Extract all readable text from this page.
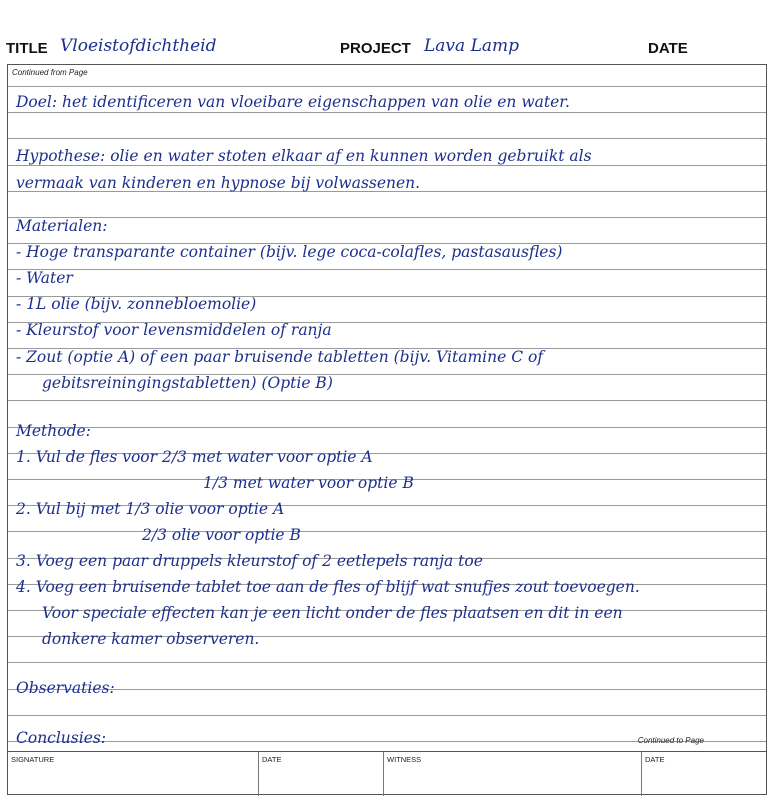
TITLE Vloeistofdichtheid	PROJECT Lava Lamp	DATE
Continued from Page
Doel: het identificeren van vloeibare eigenschappen van olie en water.
Hypothese: olie en water stoten elkaar af en kunnen worden gebruikt als
vermaak van kinderen en hypnose bij volwassenen.
Materialen:
- Hoge transparante container (bijv. lege coca-colafles, pastasausfles)
- Water
- 1L olie (bijv. zonnebloemolie)
- Kleurstof voor levensmiddelen of ranja
- Zout (optie A) of een paar bruisende tabletten (bijv. Vitamine C of
gebitsreiningingstabletten) (Optie B)
Methode:
1. Vul de fles voor 2/3 met water voor optie A
1/3 met water voor optie B
2. Vul bij met 1/3 olie voor optie A
2/3 olie voor optie B
3. Voeg een paar druppels kleurstof of 2 eetlepels ranja toe
4. Voeg een bruisende tablet toe aan de fles of blijf wat snufjes zout toevoegen.
Voor speciale effecten kan je een licht onder de fles plaatsen en dit in een
donkere kamer observeren.
Observaties:
Conclusies:	Continued to Page
SIGNATURE	DATE	WITNESS	DATE
